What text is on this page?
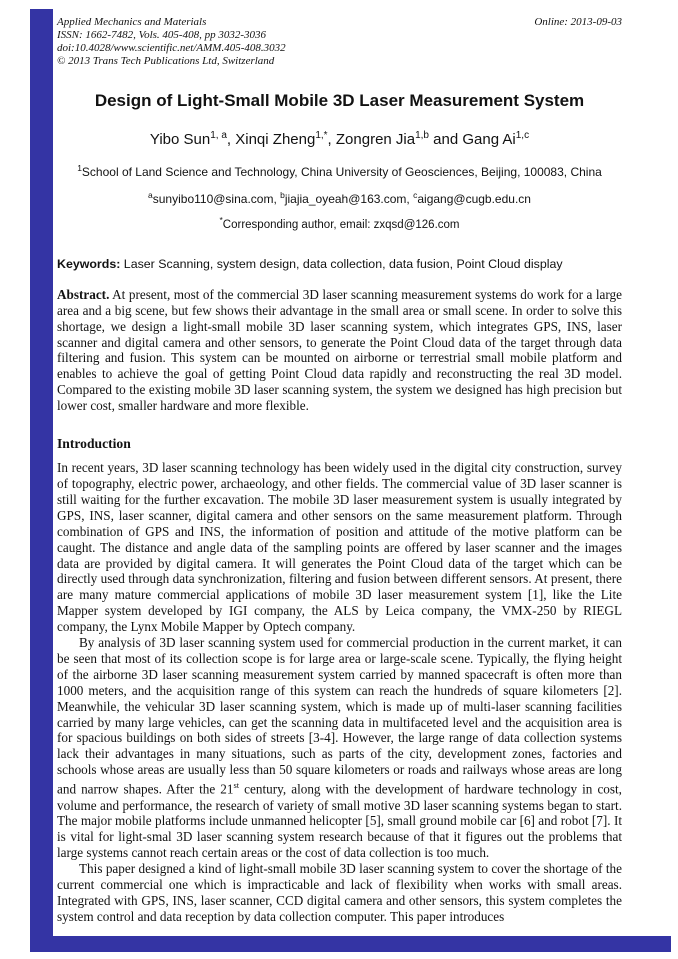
Applied Mechanics and Materials
ISSN: 1662-7482, Vols. 405-408, pp 3032-3036
doi:10.4028/www.scientific.net/AMM.405-408.3032
© 2013 Trans Tech Publications Ltd, Switzerland
Online: 2013-09-03
Design of Light-Small Mobile 3D Laser Measurement System
Yibo Sun$^{1, a}$, Xinqi Zheng$^{1,*}$, Zongren Jia$^{1,b}$ and Gang Ai$^{1,c}$
$^1$School of Land Science and Technology, China University of Geosciences, Beijing, 100083, China
$^a$sunyibo110@sina.com, $^b$jiajia_oyeah@163.com, $^c$aigang@cugb.edu.cn
*Corresponding author, email: zxqsd@126.com
Keywords: Laser Scanning, system design, data collection, data fusion, Point Cloud display

Abstract. At present, most of the commercial 3D laser scanning measurement systems do work for a large area and a big scene, but few shows their advantage in the small area or small scene. In order to solve this shortage, we design a light-small mobile 3D laser scanning system, which integrates GPS, INS, laser scanner and digital camera and other sensors, to generate the Point Cloud data of the target through data filtering and fusion. This system can be mounted on airborne or terrestrial small mobile platform and enables to achieve the goal of getting Point Cloud data rapidly and reconstructing the real 3D model. Compared to the existing mobile 3D laser scanning system, the system we designed has high precision but lower cost, smaller hardware and more flexible.

Introduction

In recent years, 3D laser scanning technology has been widely used in the digital city construction, survey of topography, electric power, archaeology, and other fields. The commercial value of 3D laser scanner is still waiting for the further excavation. The mobile 3D laser measurement system is usually integrated by GPS, INS, laser scanner, digital camera and other sensors on the same measurement platform. Through combination of GPS and INS, the information of position and attitude of the motive platform can be caught. The distance and angle data of the sampling points are offered by laser scanner and the images data are provided by digital camera. It will generates the Point Cloud data of the target which can be directly used through data synchronization, filtering and fusion between different sensors. At present, there are many mature commercial applications of mobile 3D laser measurement system [1], like the Lite Mapper system developed by IGI company, the ALS by Leica company, the VMX-250 by RIEGL company, the Lynx Mobile Mapper by Optech company.

By analysis of 3D laser scanning system used for commercial production in the current market, it can be seen that most of its collection scope is for large area or large-scale scene. Typically, the flying height of the airborne 3D laser scanning measurement system carried by manned spacecraft is often more than 1000 meters, and the acquisition range of this system can reach the hundreds of square kilometers [2]. Meanwhile, the vehicular 3D laser scanning system, which is made up of multi-laser scanning facilities carried by many large vehicles, can get the scanning data in multifaceted level and the acquisition area is for spacious buildings on both sides of streets [3-4]. However, the large range of data collection systems lack their advantages in many situations, such as parts of the city, development zones, factories and schools whose areas are usually less than 50 square kilometers or roads and railways whose areas are long and narrow shapes. After the 21st century, along with the development of hardware technology in cost, volume and performance, the research of variety of small motive 3D laser scanning systems began to start. The major mobile platforms include unmanned helicopter [5], small ground mobile car [6] and robot [7]. It is vital for light-smal 3D laser scanning system research because of that it figures out the problems that large systems cannot reach certain areas or the cost of data collection is too much.

This paper designed a kind of light-small mobile 3D laser scanning system to cover the shortage of the current commercial one which is impracticable and lack of flexibility when works with small areas. Integrated with GPS, INS, laser scanner, CCD digital camera and other sensors, this system completes the system control and data reception by data collection computer. This paper introduces
